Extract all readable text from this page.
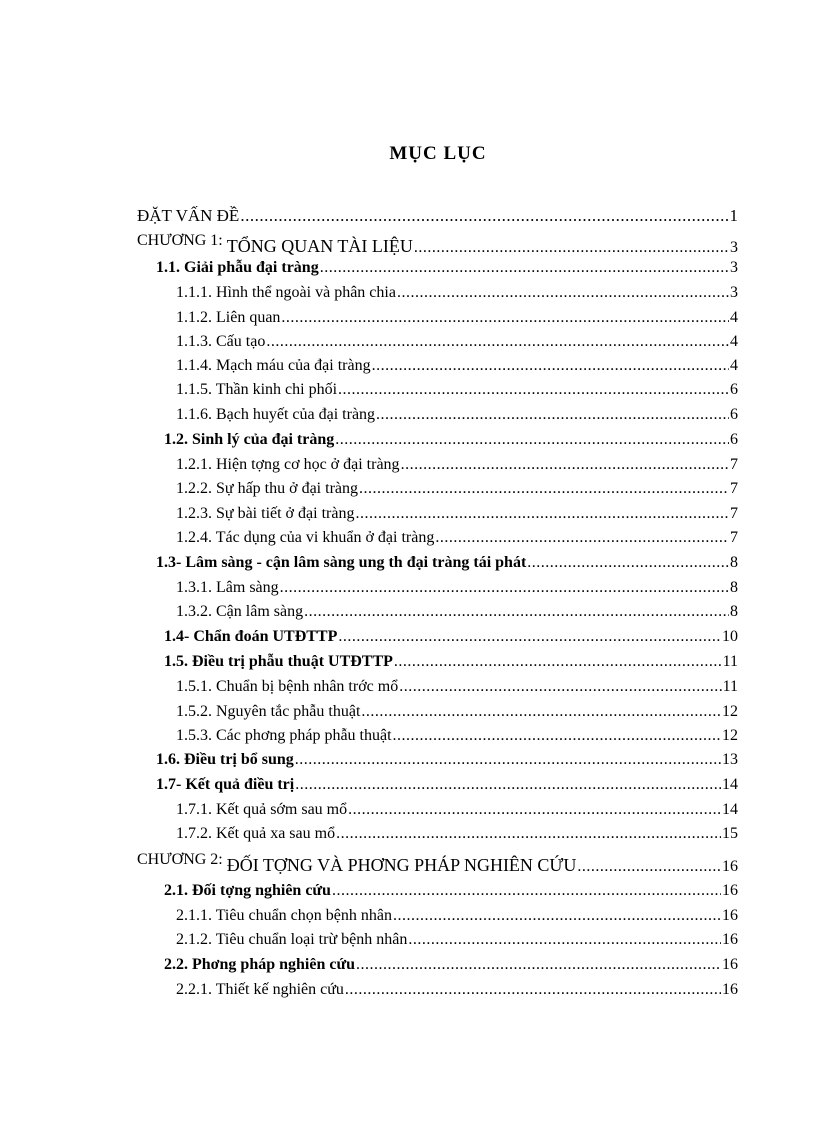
MỤC LỤC
ĐẶT VẤN ĐỀ .....	1
CHƯƠNG 1: TỔNG QUAN TÀI LIỆU .....	3
1.1. Giải phẫu đại tràng .....	3
1.1.1. Hình thể ngoài và phân chia .....	3
1.1.2. Liên quan .....	4
1.1.3. Cấu tạo .....	4
1.1.4. Mạch máu của đại tràng .....	4
1.1.5. Thần kinh chi phối .....	6
1.1.6. Bạch huyết của đại tràng .....	6
1.2. Sinh lý của đại tràng .....	6
1.2.1. Hiện tợng cơ học ở đại tràng .....	7
1.2.2. Sự hấp thu ở đại tràng .....	7
1.2.3. Sự bài tiết ở đại tràng .....	7
1.2.4. Tác dụng của vi khuẩn ở đại tràng .....	7
1.3- Lâm sàng - cận lâm sàng ung th đại tràng tái phát .....	8
1.3.1. Lâm sàng .....	8
1.3.2. Cận lâm sàng .....	8
1.4- Chẩn đoán UTĐTTP .....	10
1.5. Điều trị phẫu thuật UTĐTTP .....	11
1.5.1. Chuẩn bị bệnh nhân trớc mổ .....	11
1.5.2. Nguyên tắc phẫu thuật .....	12
1.5.3. Các phơng pháp phẫu thuật .....	12
1.6. Điều trị bổ sung .....	13
1.7- Kết quả điều trị .....	14
1.7.1. Kết quả sớm sau mổ .....	14
1.7.2. Kết quả xa sau mổ .....	15
CHƯƠNG 2: ĐỐI TỢNG VÀ PHƠNG PHÁP NGHIÊN CỨU .....	16
2.1. Đối tợng nghiên cứu .....	16
2.1.1. Tiêu chuẩn chọn bệnh nhân .....	16
2.1.2. Tiêu chuẩn loại trừ bệnh nhân .....	16
2.2. Phơng pháp nghiên cứu .....	16
2.2.1. Thiết kế nghiên cứu .....	16
